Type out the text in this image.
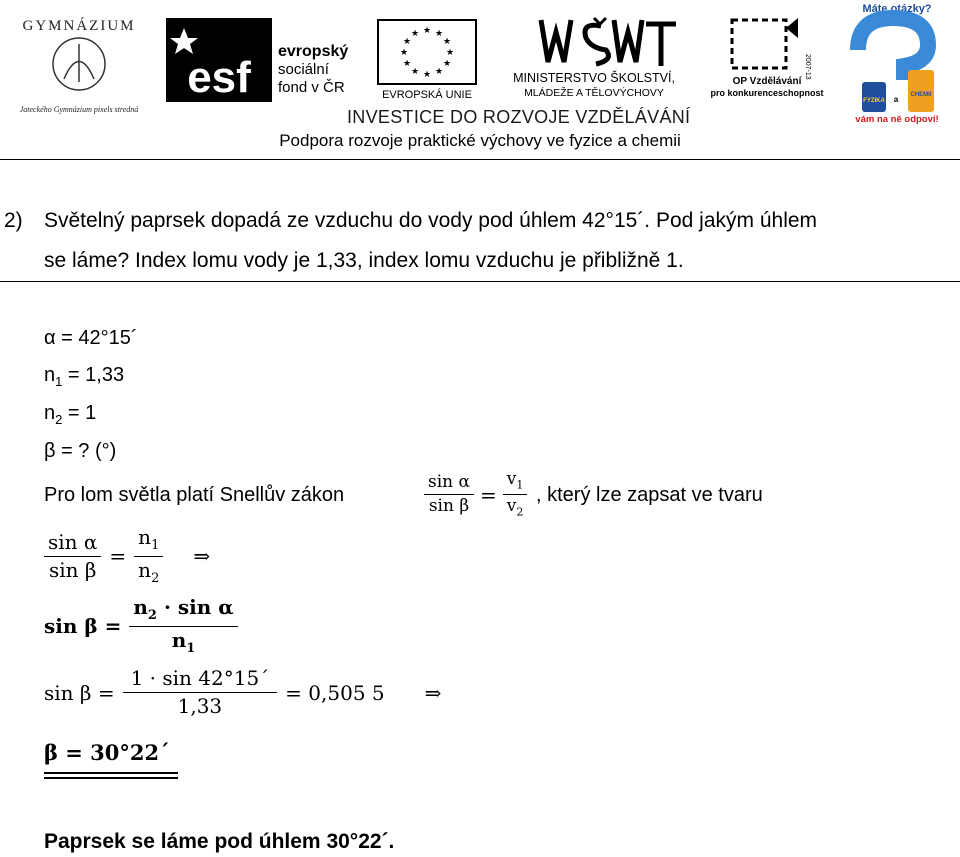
GYMNÁZIUM
Jateckého Gymnázium pixels stredná
esf
evropský
sociální
fond v ČR
★ ★
★
★
★
★
★
★
★
★
★
★
EVROPSKÁ UNIE
MINISTERSTVO ŠKOLSTVÍ,
MLÁDEŽE A TĚLOVÝCHOVY
2007-13
OP Vzdělávání
pro konkurenceschopnost
Máte otázky?
FYZIKA a CHEMII
vám na ně odpoví!
INVESTICE DO ROZVOJE VZDĚLÁVÁNÍ
Podpora rozvoje praktické výchovy ve fyzice a chemii
2) Světelný paprsek dopadá ze vzduchu do vody pod úhlem 42°15´. Pod jakým úhlem
se láme? Index lomu vody je 1,33, index lomu vzduchu je přibližně 1.
α = 42°15´
$n_1 = 1,33$
$n_2 = 1$
β = ? (°)
Pro lom světla platí Snellův zákon	$\frac{\text{sin α}}{\text{sin β}} = \frac{v_1}{v_2}$ , který lze zapsat ve tvaru
$\frac{\text{sin α}}{\text{sin β}} = \frac{n_1}{n_2}$ ⇒
$\sin \beta = \frac{n_2 \cdot \sin \alpha}{n_1}$
$\sin \beta = \frac{1 \cdot \sin 42^\circ 15´}{1,33} = 0,505$ 5 ⇒
β = 30°22´
Paprsek se láme pod úhlem 30°22´.
